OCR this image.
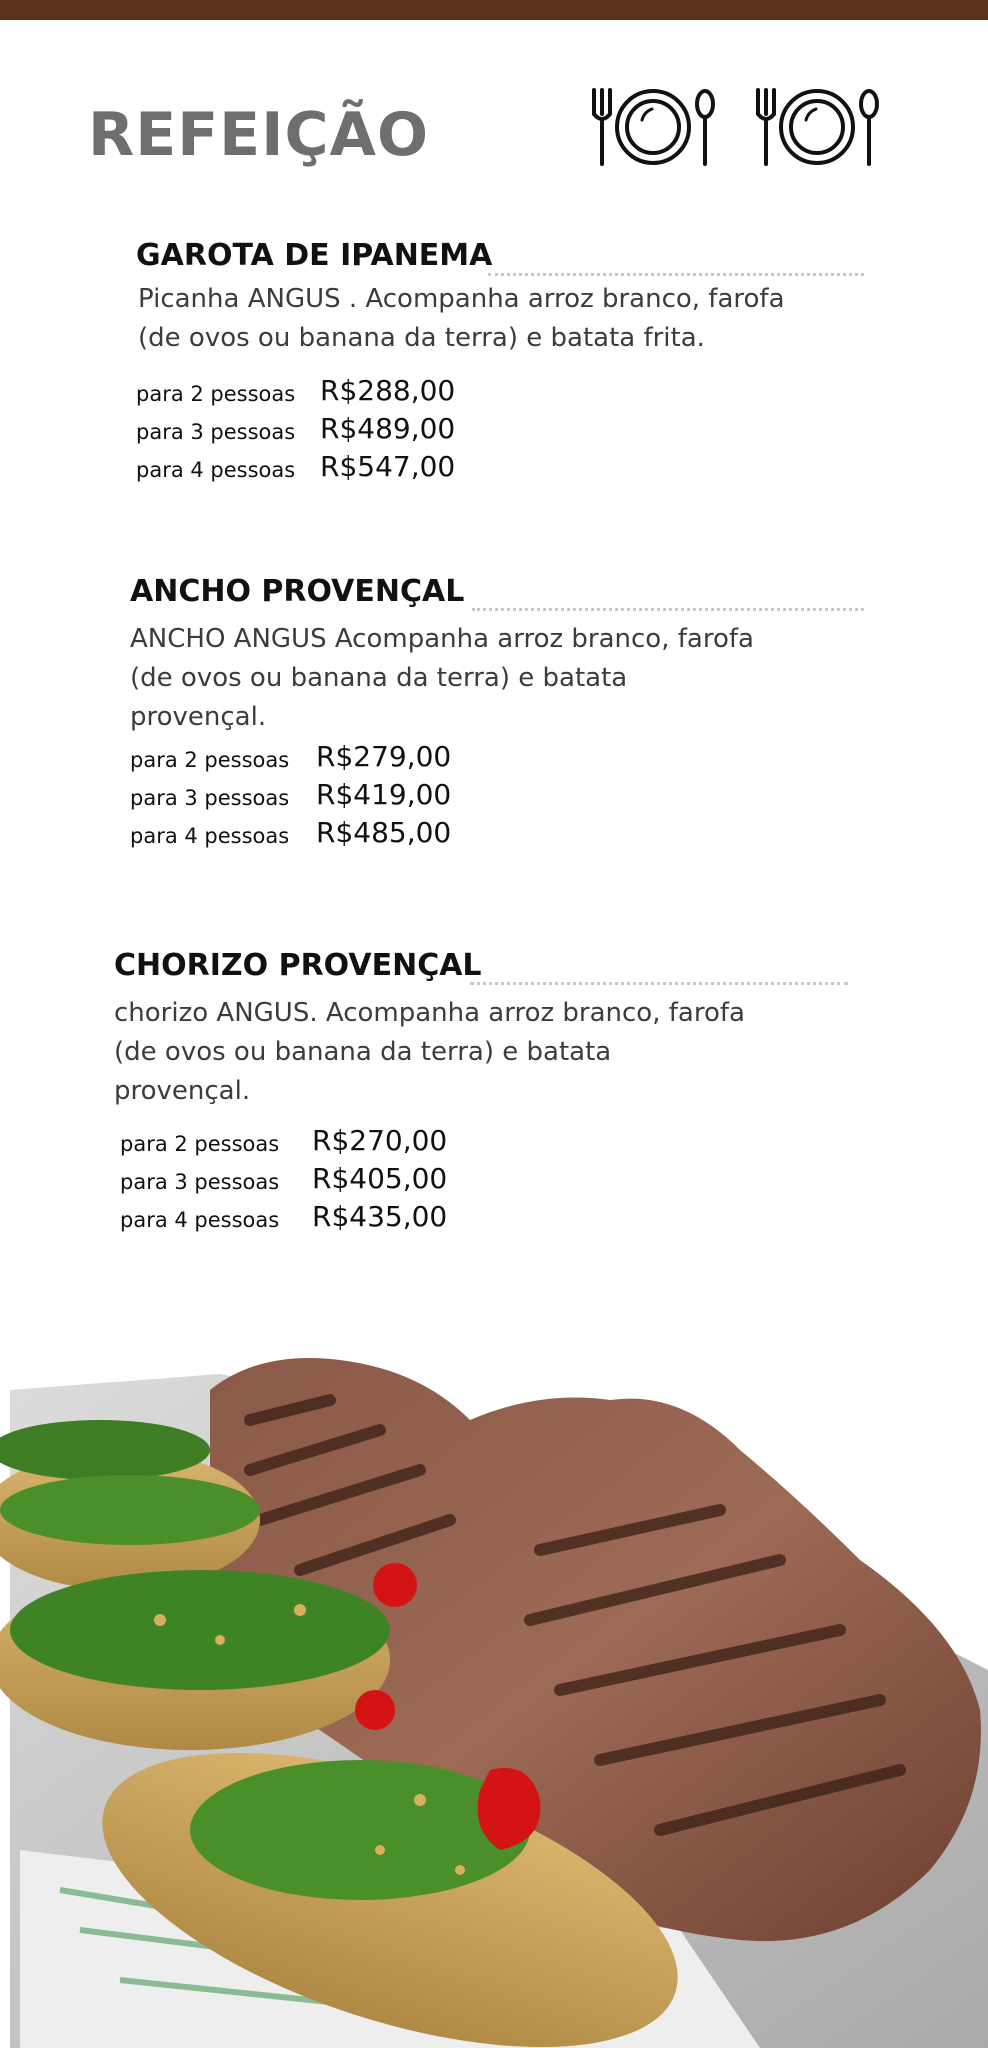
REFEIÇÃO
GAROTA DE IPANEMA

Picanha ANGUS . Acompanha arroz branco, farofa (de ovos ou banana da terra) e batata frita.

para 2 pessoas R$288,00
para 3 pessoas R$489,00
para 4 pessoas R$547,00
ANCHO PROVENÇAL

ANCHO ANGUS Acompanha arroz branco, farofa (de ovos ou banana da terra) e batata provençal.

para 2 pessoas R$279,00
para 3 pessoas R$419,00
para 4 pessoas R$485,00
CHORIZO PROVENÇAL

chorizo ANGUS. Acompanha arroz branco, farofa (de ovos ou banana da terra) e batata provençal.

para 2 pessoas R$270,00
para 3 pessoas R$405,00
para 4 pessoas R$435,00
